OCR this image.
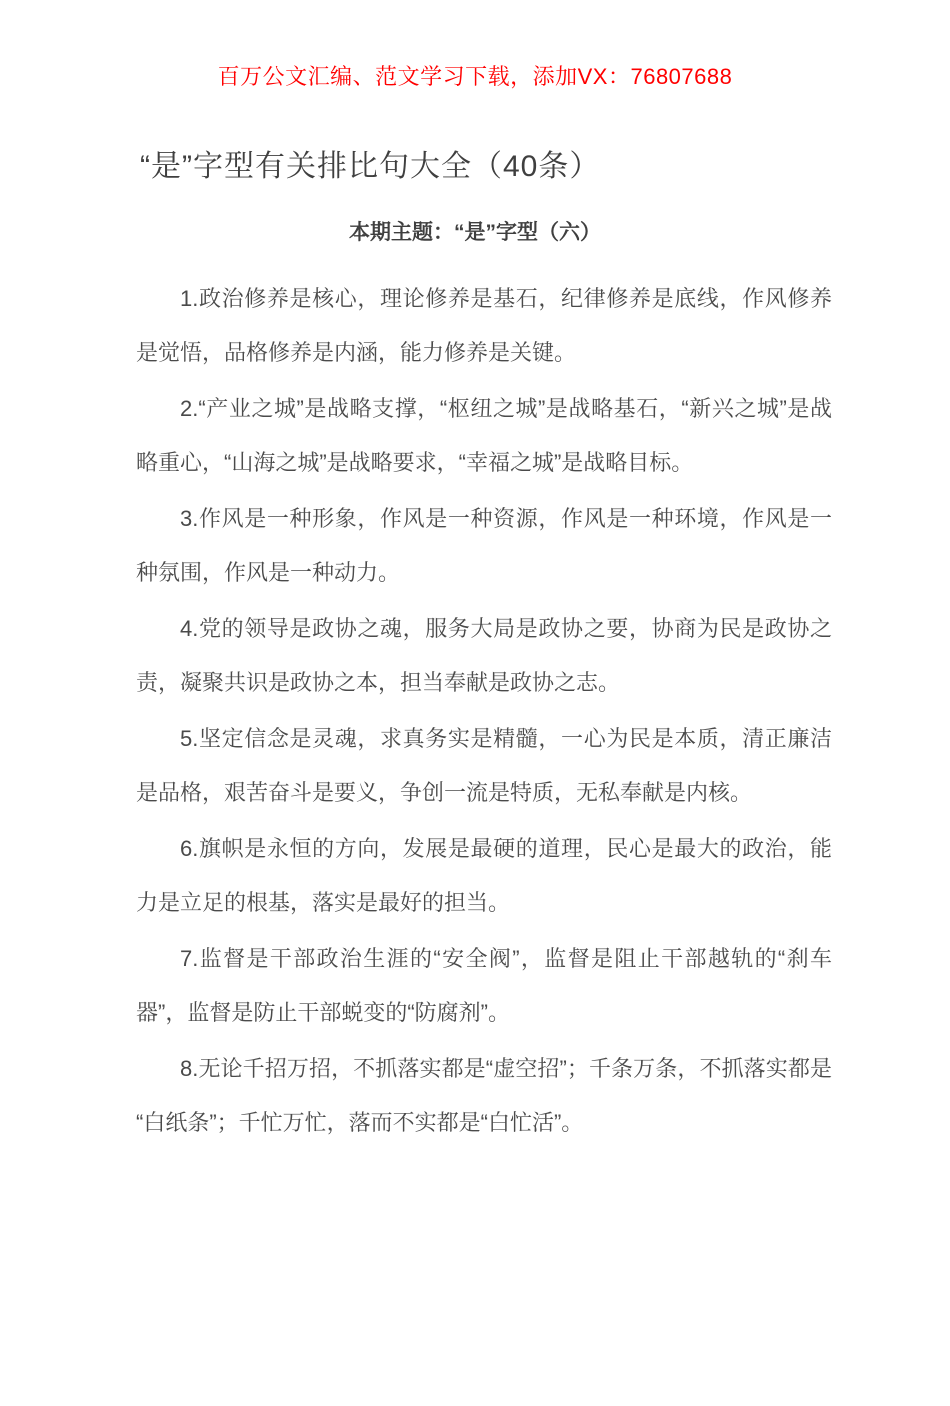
百万公文汇编、范文学习下载，添加VX：76807688
“是”字型有关排比句大全（40条）
本期主题：“是”字型（六）

1.政治修养是核心，理论修养是基石，纪律修养是底线，作风修养是觉悟，品格修养是内涵，能力修养是关键。

2.“产业之城”是战略支撑，“枢纽之城”是战略基石，“新兴之城”是战略重心，“山海之城”是战略要求，“幸福之城”是战略目标。

3.作风是一种形象，作风是一种资源，作风是一种环境，作风是一种氛围，作风是一种动力。

4.党的领导是政协之魂，服务大局是政协之要，协商为民是政协之责，凝聚共识是政协之本，担当奉献是政协之志。

5.坚定信念是灵魂，求真务实是精髓，一心为民是本质，清正廉洁是品格，艰苦奋斗是要义，争创一流是特质，无私奉献是内核。

6.旗帜是永恒的方向，发展是最硬的道理，民心是最大的政治，能力是立足的根基，落实是最好的担当。

7.监督是干部政治生涯的“安全阀”，监督是阻止干部越轨的“刹车器”，监督是防止干部蜕变的“防腐剂”。

8.无论千招万招，不抓落实都是“虚空招”；千条万条，不抓落实都是“白纸条”；千忙万忙，落而不实都是“白忙活”。
